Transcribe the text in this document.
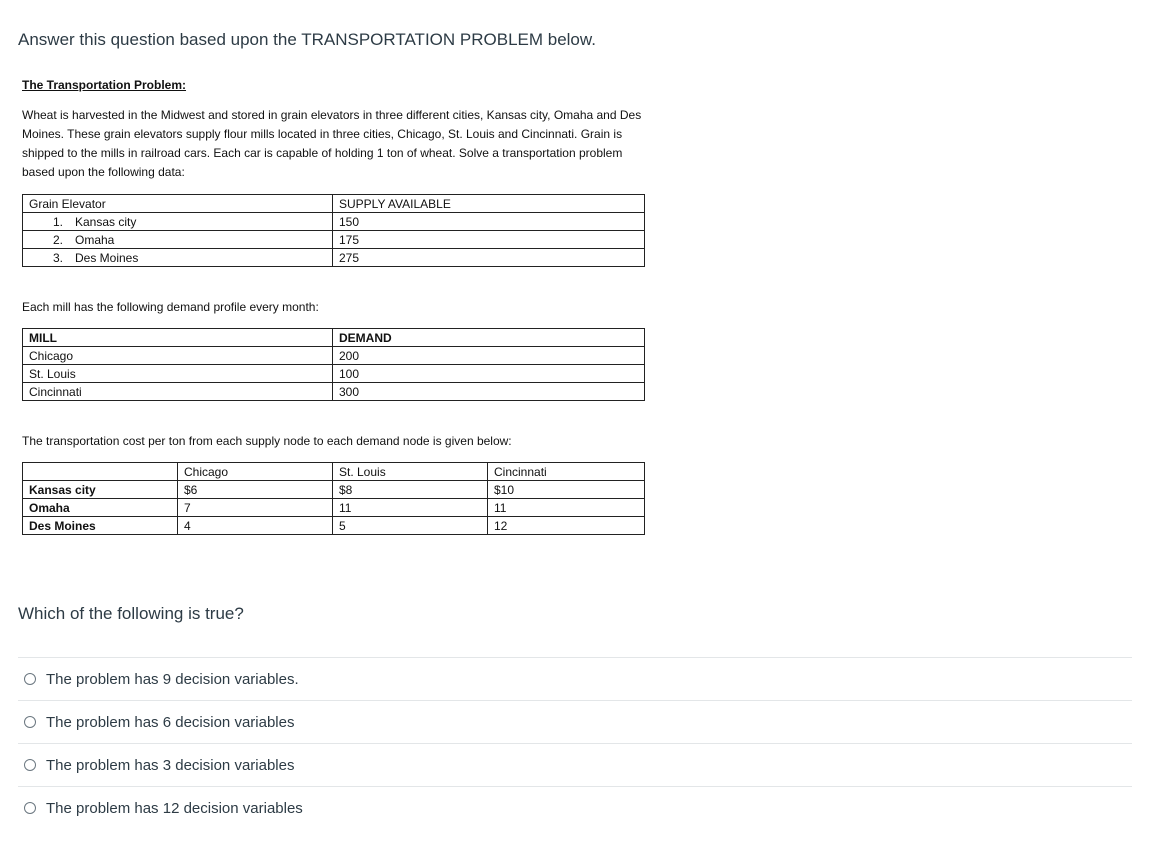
Answer this question based upon the TRANSPORTATION PROBLEM below.
The Transportation Problem:
Wheat is harvested in the Midwest and stored in grain elevators in three different cities, Kansas city, Omaha and Des Moines. These grain elevators supply flour mills located in three cities, Chicago, St. Louis and Cincinnati. Grain is shipped to the mills in railroad cars. Each car is capable of holding 1 ton of wheat. Solve a transportation problem based upon the following data:
Grain Elevator	SUPPLY AVAILABLE
1. Kansas city	150
2. Omaha	175
3. Des Moines	275
Each mill has the following demand profile every month:
MILL	DEMAND
Chicago	200
St. Louis	100
Cincinnati	300
The transportation cost per ton from each supply node to each demand node is given below:
	Chicago	St. Louis	Cincinnati
Kansas city	$6	$8	$10
Omaha	7	11	11
Des Moines	4	5	12
Which of the following is true?
The problem has 9 decision variables.
The problem has 6 decision variables
The problem has 3 decision variables
The problem has 12 decision variables
